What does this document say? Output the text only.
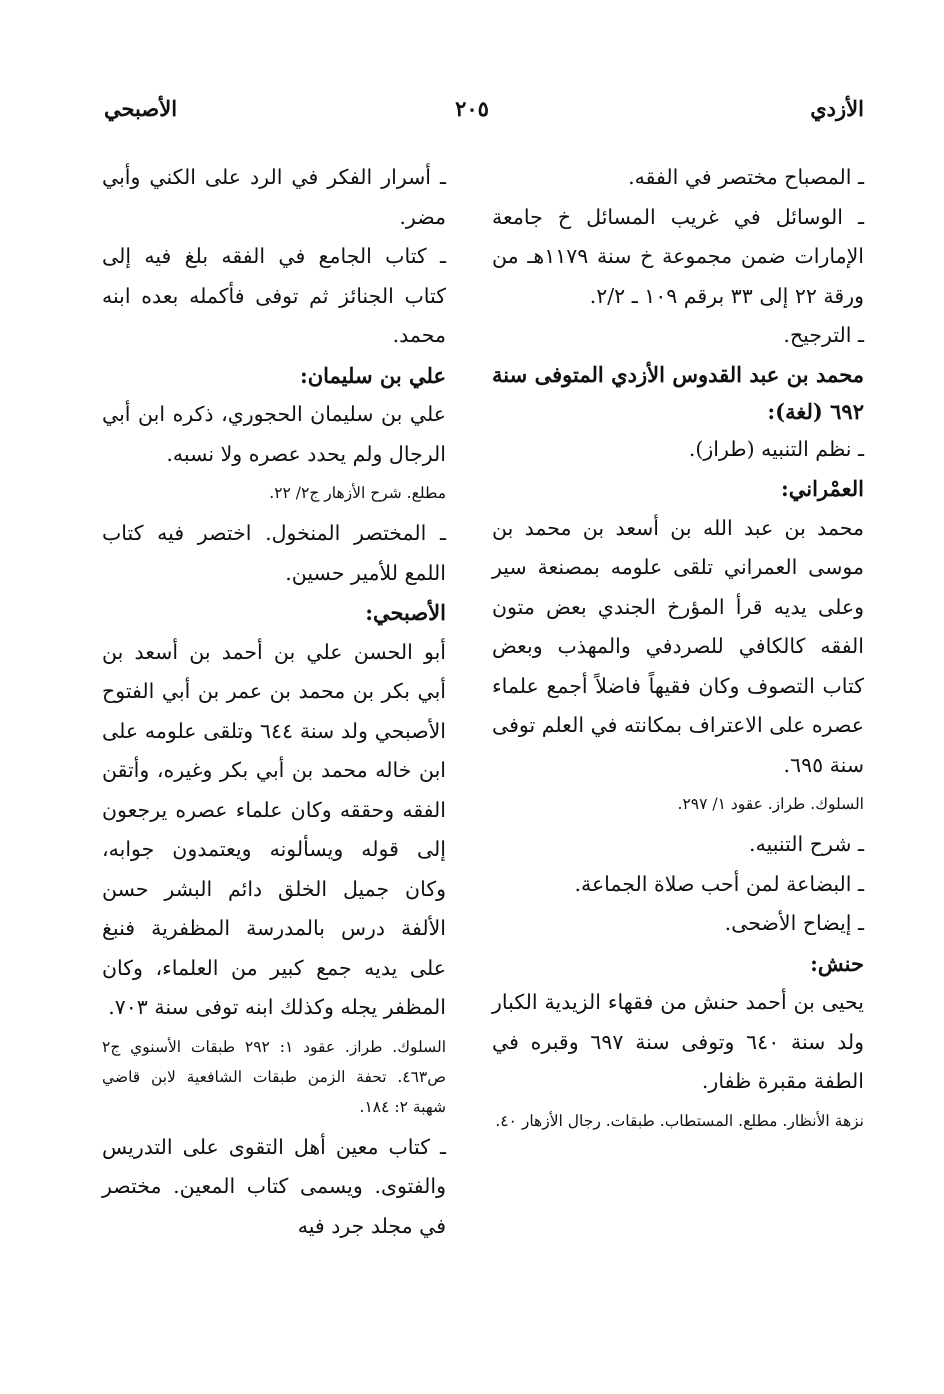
الأزدي
٢٠٥
الأصبحي

ـ المصباح مختصر في الفقه.

ـ الوسائل في غريب المسائل خ جامعة الإمارات ضمن مجموعة خ سنة ١١٧٩هـ من ورقة ٢٢ إلى ٣٣ برقم ١٠٩ ـ ٢/٢.

ـ الترجيح.

محمد بن عبد القدوس الأزدي المتوفى سنة ٦٩٢ (لغة):

ـ نظم التنبيه (طراز).

العمْراني:

محمد بن عبد الله بن أسعد بن محمد بن موسى العمراني تلقى علومه بمصنعة سير وعلى يديه قرأ المؤرخ الجندي بعض متون الفقه كالكافي للصردفي والمهذب وبعض كتاب التصوف وكان فقيهاً فاضلاً أجمع علماء عصره على الاعتراف بمكانته في العلم توفى سنة ٦٩٥.

السلوك. طراز. عقود ١/ ٢٩٧.

ـ شرح التنبيه.

ـ البضاعة لمن أحب صلاة الجماعة.

ـ إيضاح الأضحى.

حنش:

يحيى بن أحمد حنش من فقهاء الزيدية الكبار ولد سنة ٦٤٠ وتوفى سنة ٦٩٧ وقبره في الطفة مقبرة ظفار.

نزهة الأنظار. مطلع. المستطاب. طبقات. رجال الأزهار ٤٠.

ـ أسرار الفكر في الرد على الكني وأبي مضر.

ـ كتاب الجامع في الفقه بلغ فيه إلى كتاب الجنائز ثم توفى فأكمله بعده ابنه محمد.

علي بن سليمان:

علي بن سليمان الحجوري، ذكره ابن أبي الرجال ولم يحدد عصره ولا نسبه.

مطلع. شرح الأزهار ج٢/ ٢٢.

ـ المختصر المنخول. اختصر فيه كتاب اللمع للأمير حسين.

الأصبحي:

أبو الحسن علي بن أحمد بن أسعد بن أبي بكر بن محمد بن عمر بن أبي الفتوح الأصبحي ولد سنة ٦٤٤ وتلقى علومه على ابن خاله محمد بن أبي بكر وغيره، وأتقن الفقه وحققه وكان علماء عصره يرجعون إلى قوله ويسألونه ويعتمدون جوابه، وكان جميل الخلق دائم البشر حسن الألفة درس بالمدرسة المظفرية فنبغ على يديه جمع كبير من العلماء، وكان المظفر يجله وكذلك ابنه توفى سنة ٧٠٣.

السلوك. طراز. عقود ١: ٢٩٢ طبقات الأسنوي ج٢ ص٤٦٣. تحفة الزمن طبقات الشافعية لابن قاضي شهبة ٢: ١٨٤.

ـ كتاب معين أهل التقوى على التدريس والفتوى. ويسمى كتاب المعين. مختصر في مجلد جرد فيه
